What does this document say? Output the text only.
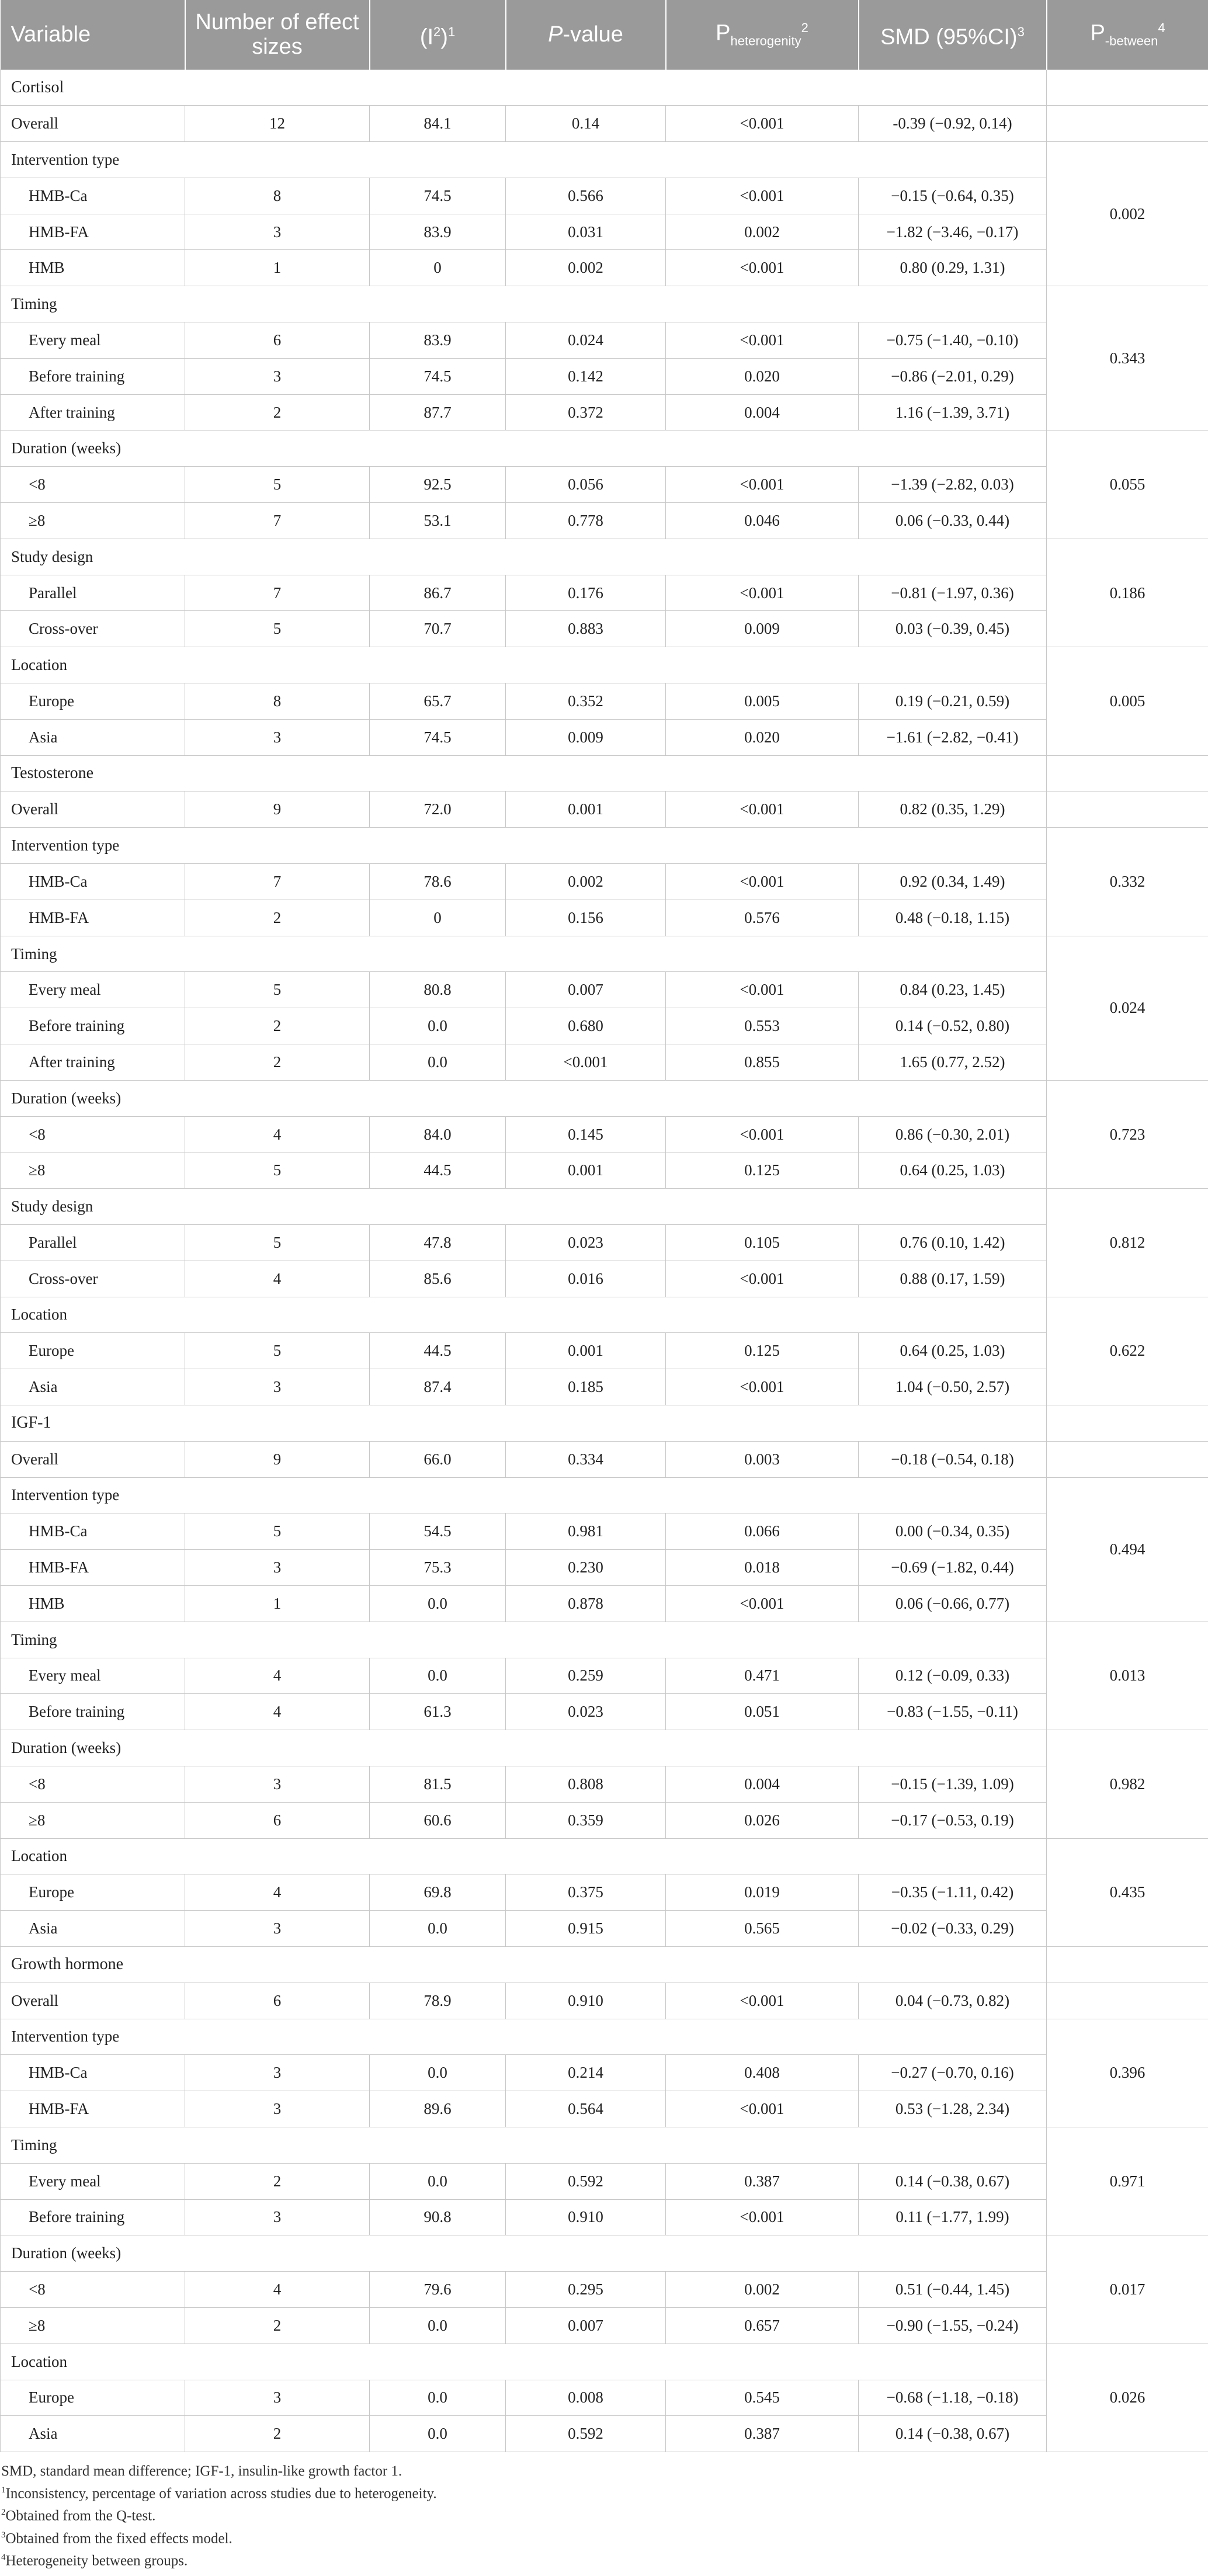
Variable	Number of effect sizes	$(I^2)^1$	P-value	$P_{heterogenity}^2$	SMD $(95\%CI)^3$	$P_{-between}^4$
Cortisol						
Overall	12	84.1	0.14	<0.001	-0.39 (−0.92, 0.14)	
Intervention type						0.002
HMB-Ca	8	74.5	0.566	<0.001	−0.15 (−0.64, 0.35)	
HMB-FA	3	83.9	0.031	0.002	−1.82 (−3.46, −0.17)	
HMB	1	0	0.002	<0.001	0.80 (0.29, 1.31)	
Timing						0.343
Every meal	6	83.9	0.024	<0.001	−0.75 (−1.40, −0.10)	
Before training	3	74.5	0.142	0.020	−0.86 (−2.01, 0.29)	
After training	2	87.7	0.372	0.004	1.16 (−1.39, 3.71)	
Duration (weeks)						0.055
<8	5	92.5	0.056	<0.001	−1.39 (−2.82, 0.03)	
≥8	7	53.1	0.778	0.046	0.06 (−0.33, 0.44)	
Study design						0.186
Parallel	7	86.7	0.176	<0.001	−0.81 (−1.97, 0.36)	
Cross-over	5	70.7	0.883	0.009	0.03 (−0.39, 0.45)	
Location						0.005
Europe	8	65.7	0.352	0.005	0.19 (−0.21, 0.59)	
Asia	3	74.5	0.009	0.020	−1.61 (−2.82, −0.41)	
Testosterone						
Overall	9	72.0	0.001	<0.001	0.82 (0.35, 1.29)	
Intervention type						0.332
HMB-Ca	7	78.6	0.002	<0.001	0.92 (0.34, 1.49)	
HMB-FA	2	0	0.156	0.576	0.48 (−0.18, 1.15)	
Timing						0.024
Every meal	5	80.8	0.007	<0.001	0.84 (0.23, 1.45)	
Before training	2	0.0	0.680	0.553	0.14 (−0.52, 0.80)	
After training	2	0.0	<0.001	0.855	1.65 (0.77, 2.52)	
Duration (weeks)						0.723
<8	4	84.0	0.145	<0.001	0.86 (−0.30, 2.01)	
≥8	5	44.5	0.001	0.125	0.64 (0.25, 1.03)	
Study design						0.812
Parallel	5	47.8	0.023	0.105	0.76 (0.10, 1.42)	
Cross-over	4	85.6	0.016	<0.001	0.88 (0.17, 1.59)	
Location						0.622
Europe	5	44.5	0.001	0.125	0.64 (0.25, 1.03)	
Asia	3	87.4	0.185	<0.001	1.04 (−0.50, 2.57)	
IGF-1						
Overall	9	66.0	0.334	0.003	−0.18 (−0.54, 0.18)	
Intervention type						0.494
HMB-Ca	5	54.5	0.981	0.066	0.00 (−0.34, 0.35)	
HMB-FA	3	75.3	0.230	0.018	−0.69 (−1.82, 0.44)	
HMB	1	0.0	0.878	<0.001	0.06 (−0.66, 0.77)	
Timing						0.013
Every meal	4	0.0	0.259	0.471	0.12 (−0.09, 0.33)	
Before training	4	61.3	0.023	0.051	−0.83 (−1.55, −0.11)	
Duration (weeks)						0.982
<8	3	81.5	0.808	0.004	−0.15 (−1.39, 1.09)	
≥8	6	60.6	0.359	0.026	−0.17 (−0.53, 0.19)	
Location						0.435
Europe	4	69.8	0.375	0.019	−0.35 (−1.11, 0.42)	
Asia	3	0.0	0.915	0.565	−0.02 (−0.33, 0.29)	
Growth hormone						
Overall	6	78.9	0.910	<0.001	0.04 (−0.73, 0.82)	
Intervention type						0.396
HMB-Ca	3	0.0	0.214	0.408	−0.27 (−0.70, 0.16)	
HMB-FA	3	89.6	0.564	<0.001	0.53 (−1.28, 2.34)	
Timing						0.971
Every meal	2	0.0	0.592	0.387	0.14 (−0.38, 0.67)	
Before training	3	90.8	0.910	<0.001	0.11 (−1.77, 1.99)	
Duration (weeks)						0.017
<8	4	79.6	0.295	0.002	0.51 (−0.44, 1.45)	
≥8	2	0.0	0.007	0.657	−0.90 (−1.55, −0.24)	
Location						0.026
Europe	3	0.0	0.008	0.545	−0.68 (−1.18, −0.18)	
Asia	2	0.0	0.592	0.387	0.14 (−0.38, 0.67)	
SMD, standard mean difference; IGF-1, insulin-like growth factor 1.
$^1$Inconsistency, percentage of variation across studies due to heterogeneity.
$^2$Obtained from the Q-test.
$^3$Obtained from the fixed effects model.
$^4$Heterogeneity between groups.
